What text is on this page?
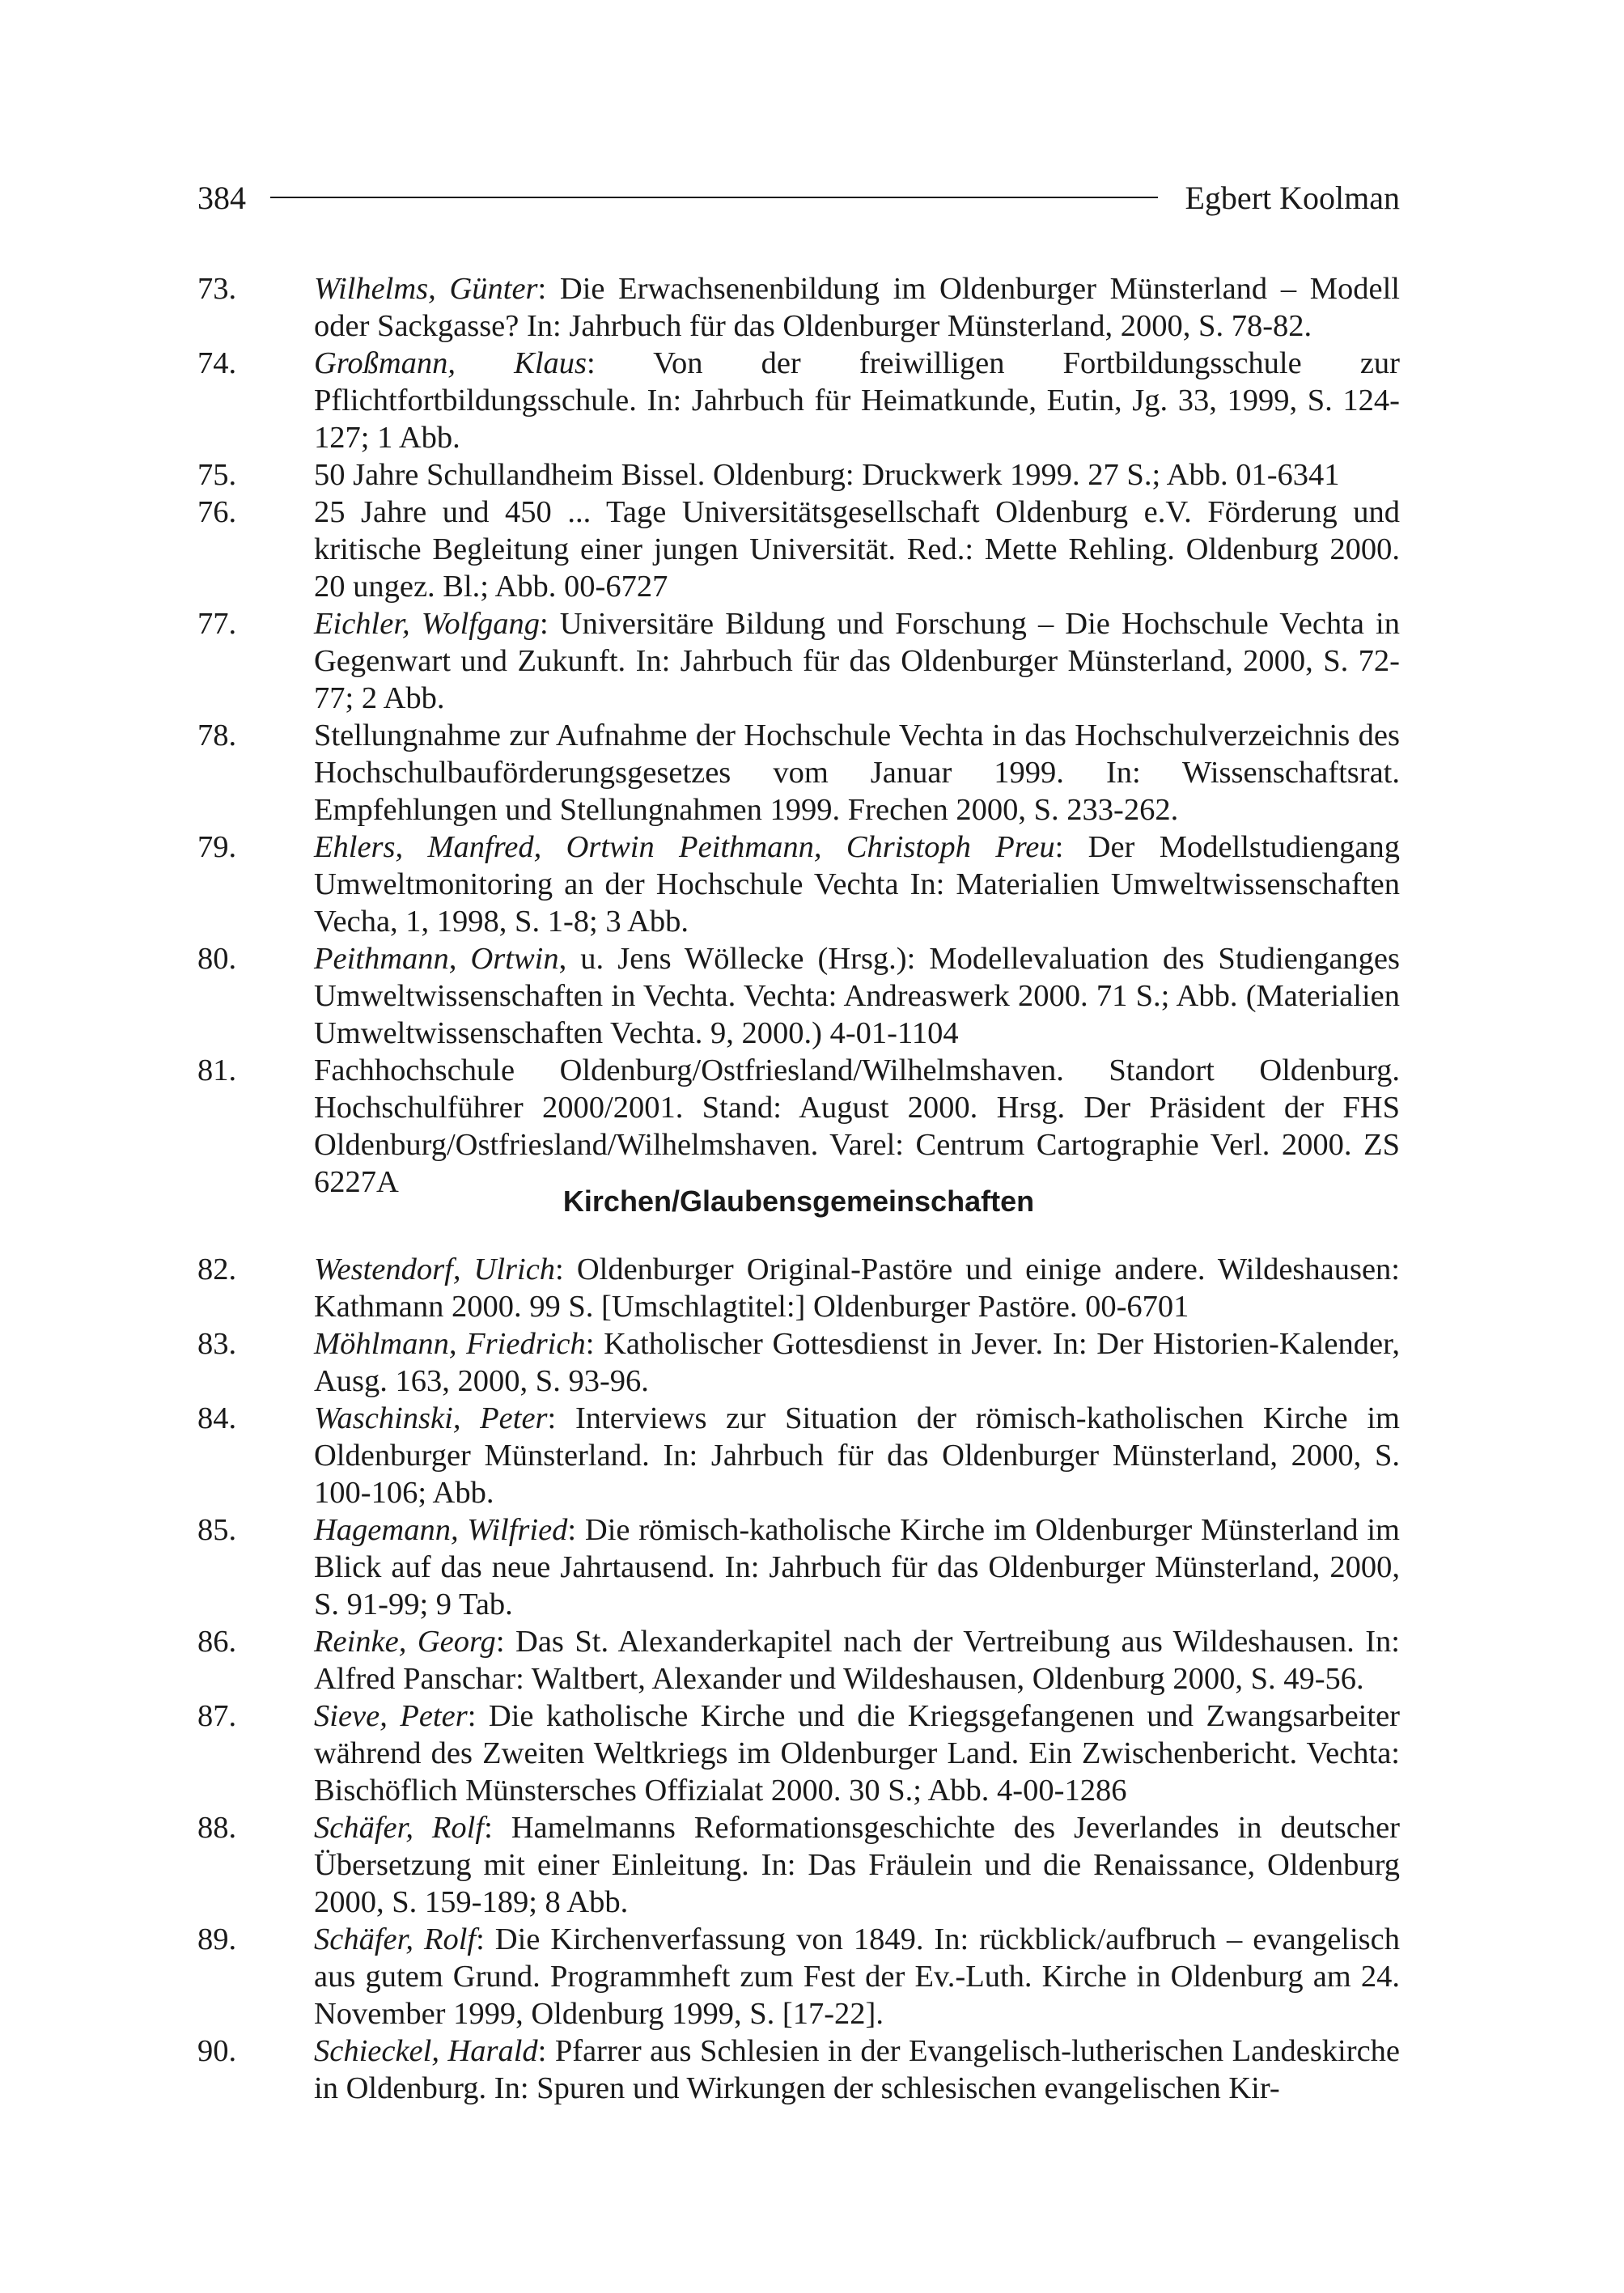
384	Egbert Koolman
73.	Wilhelms, Günter: Die Erwachsenenbildung im Oldenburger Münsterland – Modell oder Sackgasse? In: Jahrbuch für das Oldenburger Münsterland, 2000, S. 78-82.
74.	Großmann, Klaus: Von der freiwilligen Fortbildungsschule zur Pflichtfortbildungsschule. In: Jahrbuch für Heimatkunde, Eutin, Jg. 33, 1999, S. 124-127; 1 Abb.
75.	50 Jahre Schullandheim Bissel. Oldenburg: Druckwerk 1999. 27 S.; Abb. 01-6341
76.	25 Jahre und 450 ... Tage Universitätsgesellschaft Oldenburg e.V. Förderung und kritische Begleitung einer jungen Universität. Red.: Mette Rehling. Oldenburg 2000. 20 ungez. Bl.; Abb. 00-6727
77.	Eichler, Wolfgang: Universitäre Bildung und Forschung – Die Hochschule Vechta in Gegenwart und Zukunft. In: Jahrbuch für das Oldenburger Münsterland, 2000, S. 72-77; 2 Abb.
78.	Stellungnahme zur Aufnahme der Hochschule Vechta in das Hochschulverzeichnis des Hochschulbauförderungsgesetzes vom Januar 1999. In: Wissenschaftsrat. Empfehlungen und Stellungnahmen 1999. Frechen 2000, S. 233-262.
79.	Ehlers, Manfred, Ortwin Peithmann, Christoph Preu: Der Modellstudiengang Umweltmonitoring an der Hochschule Vechta In: Materialien Umweltwissenschaften Vecha, 1, 1998, S. 1-8; 3 Abb.
80.	Peithmann, Ortwin, u. Jens Wöllecke (Hrsg.): Modellevaluation des Studienganges Umweltwissenschaften in Vechta. Vechta: Andreaswerk 2000. 71 S.; Abb. (Materialien Umweltwissenschaften Vechta. 9, 2000.) 4-01-1104
81.	Fachhochschule Oldenburg/Ostfriesland/Wilhelmshaven. Standort Oldenburg. Hochschulführer 2000/2001. Stand: August 2000. Hrsg. Der Präsident der FHS Oldenburg/Ostfriesland/Wilhelmshaven. Varel: Centrum Cartographie Verl. 2000. ZS 6227A
Kirchen/Glaubensgemeinschaften
82.	Westendorf, Ulrich: Oldenburger Original-Pastöre und einige andere. Wildeshausen: Kathmann 2000. 99 S. [Umschlagtitel:] Oldenburger Pastöre. 00-6701
83.	Möhlmann, Friedrich: Katholischer Gottesdienst in Jever. In: Der Historien-Kalender, Ausg. 163, 2000, S. 93-96.
84.	Waschinski, Peter: Interviews zur Situation der römisch-katholischen Kirche im Oldenburger Münsterland. In: Jahrbuch für das Oldenburger Münsterland, 2000, S. 100-106; Abb.
85.	Hagemann, Wilfried: Die römisch-katholische Kirche im Oldenburger Münsterland im Blick auf das neue Jahrtausend. In: Jahrbuch für das Oldenburger Münsterland, 2000, S. 91-99; 9 Tab.
86.	Reinke, Georg: Das St. Alexanderkapitel nach der Vertreibung aus Wildeshausen. In: Alfred Panschar: Waltbert, Alexander und Wildeshausen, Oldenburg 2000, S. 49-56.
87.	Sieve, Peter: Die katholische Kirche und die Kriegsgefangenen und Zwangsarbeiter während des Zweiten Weltkriegs im Oldenburger Land. Ein Zwischenbericht. Vechta: Bischöflich Münstersches Offizialat 2000. 30 S.; Abb. 4-00-1286
88.	Schäfer, Rolf: Hamelmanns Reformationsgeschichte des Jeverlandes in deutscher Übersetzung mit einer Einleitung. In: Das Fräulein und die Renaissance, Oldenburg 2000, S. 159-189; 8 Abb.
89.	Schäfer, Rolf: Die Kirchenverfassung von 1849. In: rückblick/aufbruch – evangelisch aus gutem Grund. Programmheft zum Fest der Ev.-Luth. Kirche in Oldenburg am 24. November 1999, Oldenburg 1999, S. [17-22].
90.	Schieckel, Harald: Pfarrer aus Schlesien in der Evangelisch-lutherischen Landeskirche in Oldenburg. In: Spuren und Wirkungen der schlesischen evangelischen Kir-
